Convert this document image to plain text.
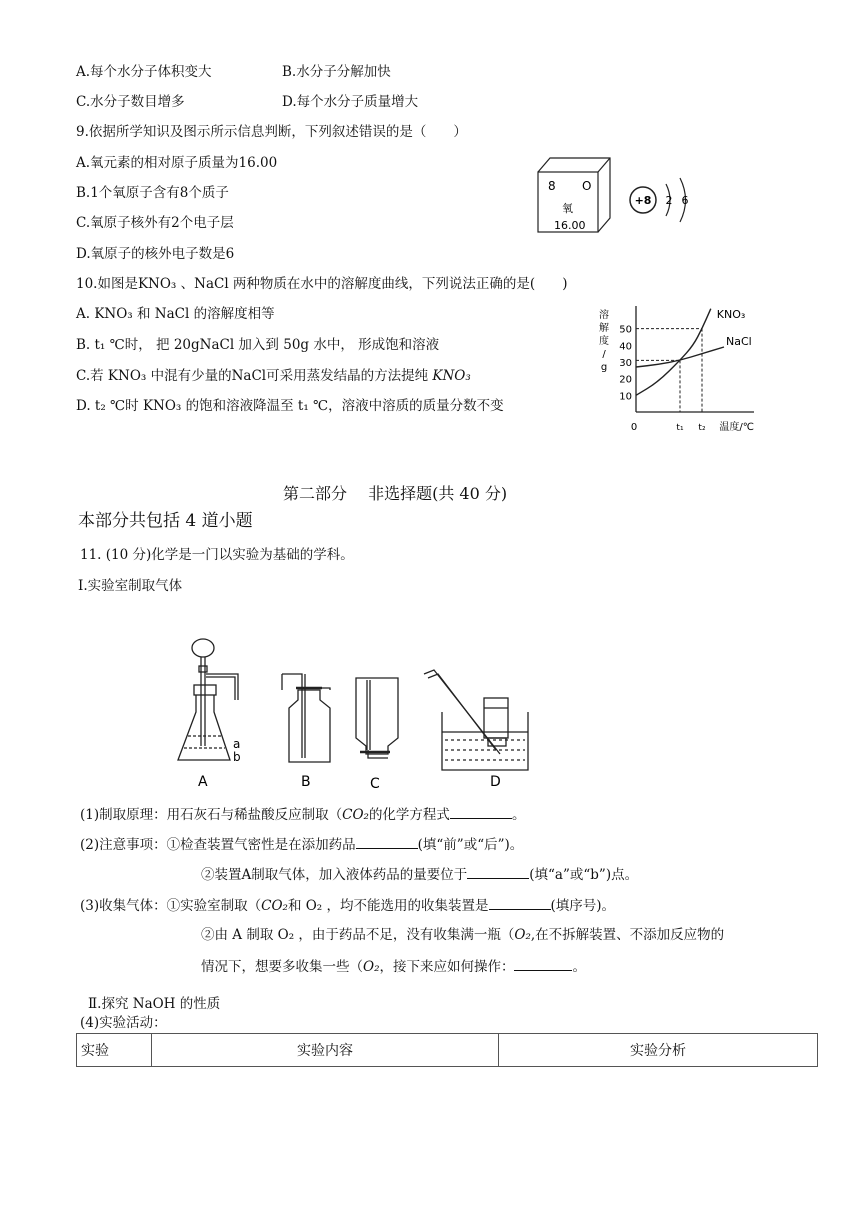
A.每个水分子体积变大	B.水分子分解加快
C.水分子数目增多	D.每个水分子质量增大
9.依据所学知识及图示所示信息判断，下列叙述错误的是（　　）
A.氧元素的相对原子质量为16.00
B.1个氧原子含有8个质子
C.氧原子核外有2个电子层
D.氧原子的核外电子数是6
8 O
氧
16.00
+8 2 6
10.如图是KNO₃ 、NaCl 两种物质在水中的溶解度曲线，下列说法正确的是(　　)
A. KNO₃ 和 NaCl 的溶解度相等
B. t₁ ℃时， 把 20gNaCl 加入到 50g 水中， 形成饱和溶液
C.若 KNO₃ 中混有少量的NaCl可采用蒸发结晶的方法提纯 KNO₃
D. t₂ ℃时 KNO₃ 的饱和溶液降温至 t₁ ℃，溶液中溶质的质量分数不变
溶
解
度
/
g
10
20
30
40
50
0	t₁ t₂ 温度/℃
KNO₃
NaCl
第二部分　 非选择题(共 40 分)
本部分共包括 4 道小题
11. (10 分)化学是一门以实验为基础的学科。
Ⅰ.实验室制取气体
a
b
A	B	C	D
(1)制取原理：用石灰石与稀盐酸反应制取（CO₂的化学方程式	。
(2)注意事项：①检查装置气密性是在添加药品	(填“前”或“后”)。
②装置A制取气体，加入液体药品的量要位于	(填“a”或“b”)点。
(3)收集气体：①实验室制取（CO₂和 O₂ ，均不能选用的收集装置是	(填序号)。
②由 A 制取 O₂ ，由于药品不足，没有收集满一瓶（O₂,在不拆解装置、不添加反应物的
情况下，想要多收集一些（O₂，接下来应如何操作：	。
Ⅱ.探究 NaOH 的性质
(4)实验活动：
实验	实验内容	实验分析
